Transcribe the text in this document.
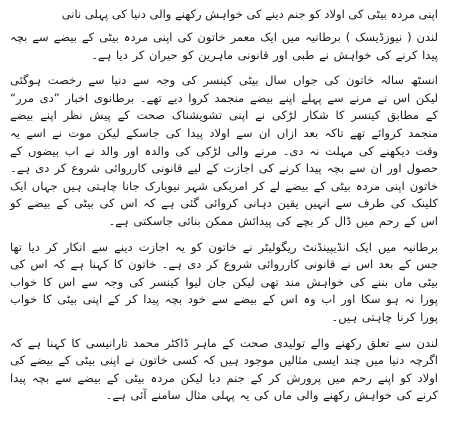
اپنی مردہ بیٹی کی اولاد کو جنم دینے کی خواہش رکھنے والی دنیا کی پہلی نانی

لندن ( نیوزڈیسک ) برطانیہ میں ایک معمر خاتون کی اپنی مردہ بیٹی کے بیضے سے بچہ پیدا کرنے کی خواہش نے طبی اور قانونی ماہرین کو حیران کر دیا ہے۔

انسٹھ سالہ خاتون کی جواں سال بیٹی کینسر کی وجہ سے دنیا سے رخصت ہوگئی لیکن اس نے مرنے سے پہلے اپنے بیضے منجمد کروا دیے تھے۔ برطانوی اخبار ”دی مرر“ کے مطابق کینسر کا شکار لڑکی نے اپنی تشویشناک صحت کے پیش نظر اپنے بیضے منجمد کروائے تھے تاکہ بعد ازاں ان سے اولاد پیدا کی جاسکے لیکن موت نے اسے یہ وقت دیکھنے کی مہلت نہ دی۔ مرنے والی لڑکی کی والدہ اور والد نے اب بیضوں کے حصول اور ان سے بچہ پیدا کرنے کی اجازت کے لیے قانونی کارروائی شروع کر دی ہے۔ خاتون اپنی مردہ بیٹی کے بیضے لے کر امریکی شہر نیویارک جانا چاہتی ہیں جہاں ایک کلینک کی طرف سے انہیں یقین دہانی کروائی گئی ہے کہ اس کی بیٹی کے بیضے کو اس کے رحم میں ڈال کر بچے کی پیدائش ممکن بنائی جاسکتی ہے۔

برطانیہ میں ایک انڈیپینڈنٹ ریگولیٹر نے خاتون کو یہ اجازت دینے سے انکار کر دیا تھا جس کے بعد اس نے قانونی کارروائی شروع کر دی ہے۔ خاتون کا کہنا ہے کہ اس کی بیٹی ماں بننے کی خواہش مند تھی لیکن جان لیوا کینسر کی وجہ سے اس کا خواب پورا نہ ہو سکا اور اب وہ اس کے بیضے سے خود بچہ پیدا کر کے اپنی بیٹی کا خواب پورا کرنا چاہتی ہیں۔

لندن سے تعلق رکھنے والے تولیدی صحت کے ماہر ڈاکٹر محمد تارانیسی کا کہنا ہے کہ اگرچہ دنیا میں چند ایسی مثالیں موجود ہیں کہ کسی خاتون نے اپنی بیٹی کے بیضے کی اولاد کو اپنے رحم میں پرورش کر کے جنم دیا لیکن مردہ بیٹی کے بیضے سے بچہ پیدا کرنے کی خواہش رکھنے والی ماں کی یہ پہلی مثال سامنے آئی ہے۔
